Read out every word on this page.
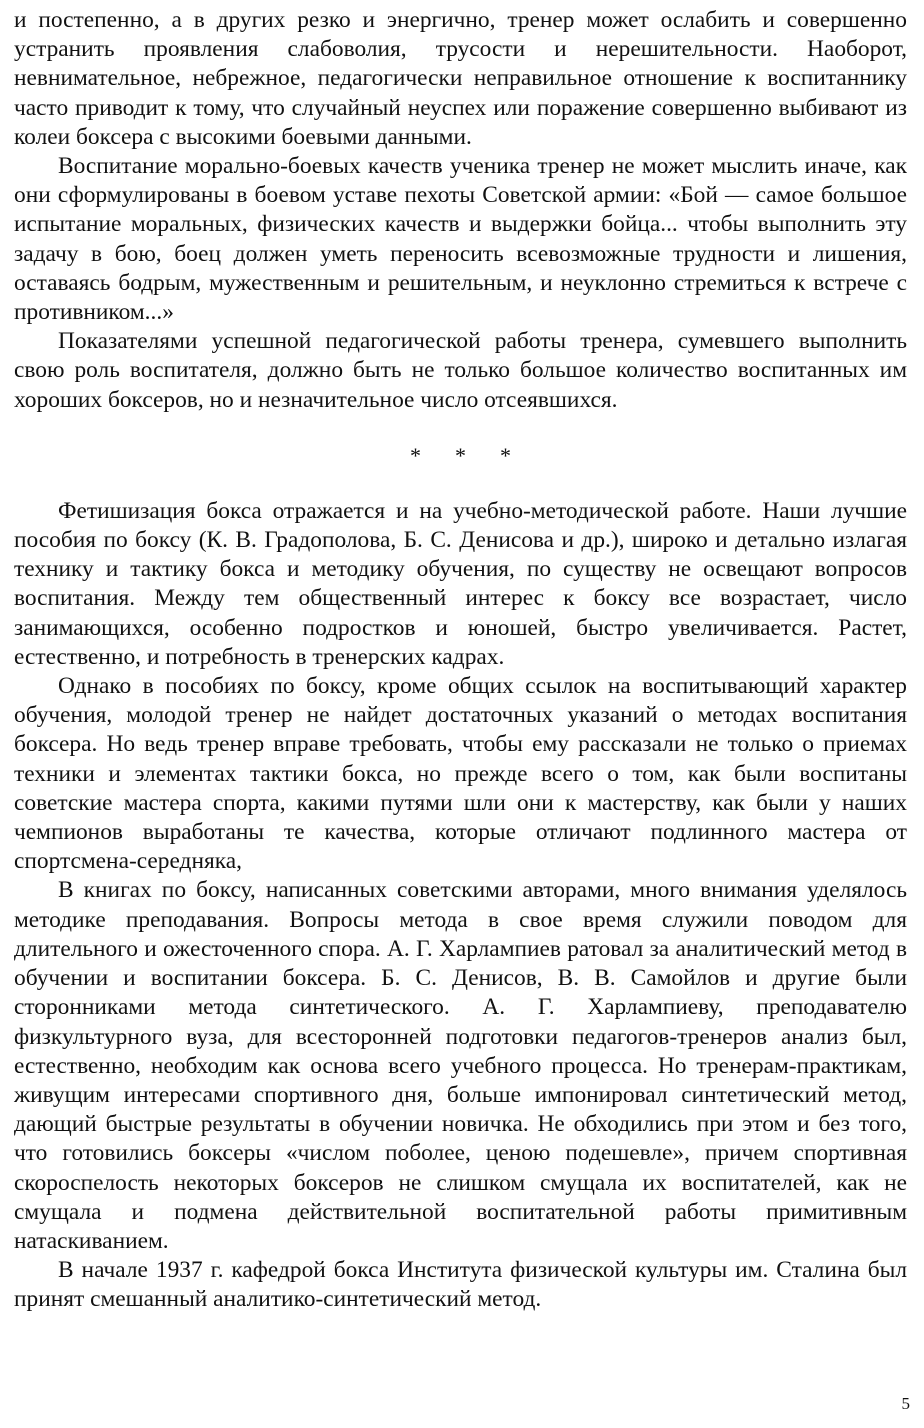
и постепенно, а в других резко и энергично, тренер может ослабить и совершенно устранить проявления слабоволия, трусости и нерешительности. Наоборот, невнимательное, небрежное, педагогически неправильное отношение к воспитаннику часто приводит к тому, что случайный неуспех или поражение совершенно выбивают из колеи боксера с высокими боевыми данными.

Воспитание морально-боевых качеств ученика тренер не может мыслить иначе, как они сформулированы в боевом уставе пехоты Советской армии: «Бой — самое большое испытание моральных, физических качеств и выдержки бойца... чтобы выполнить эту задачу в бою, боец должен уметь переносить всевозможные трудности и лишения, оставаясь бодрым, мужественным и решительным, и неуклонно стремиться к встрече с противником...»

Показателями успешной педагогической работы тренера, сумевшего выполнить свою роль воспитателя, должно быть не только большое количество воспитанных им хороших боксеров, но и незначительное число отсеявшихся.

* * *

Фетишизация бокса отражается и на учебно-методической работе. Наши лучшие пособия по боксу (К. В. Градополова, Б. С. Денисова и др.), широко и детально излагая технику и тактику бокса и методику обучения, по существу не освещают вопросов воспитания. Между тем общественный интерес к боксу все возрастает, число занимающихся, особенно подростков и юношей, быстро увеличивается. Растет, естественно, и потребность в тренерских кадрах.

Однако в пособиях по боксу, кроме общих ссылок на воспитывающий характер обучения, молодой тренер не найдет достаточных указаний о методах воспитания боксера. Но ведь тренер вправе требовать, чтобы ему рассказали не только о приемах техники и элементах тактики бокса, но прежде всего о том, как были воспитаны советские мастера спорта, какими путями шли они к мастерству, как были у наших чемпионов выработаны те качества, которые отличают подлинного мастера от спортсмена-середняка,

В книгах по боксу, написанных советскими авторами, много внимания уделялось методике преподавания. Вопросы метода в свое время служили поводом для длительного и ожесточенного спора. А. Г. Харлампиев ратовал за аналитический метод в обучении и воспитании боксера. Б. С. Денисов, В. В. Самойлов и другие были сторонниками метода синтетического. А. Г. Харлампиеву, преподавателю физкультурного вуза, для всесторонней подготовки педагогов-тренеров анализ был, естественно, необходим как основа всего учебного процесса. Но тренерам-практикам, живущим интересами спортивного дня, больше импонировал синтетический метод, дающий быстрые результаты в обучении новичка. Не обходились при этом и без того, что готовились боксеры «числом поболее, ценою подешевле», причем спортивная скороспелость некоторых боксеров не слишком смущала их воспитателей, как не смущала и подмена действительной воспитательной работы примитивным натаскиванием.

В начале 1937 г. кафедрой бокса Института физической культуры им. Сталина был принят смешанный аналитико-синтетический метод.

5
